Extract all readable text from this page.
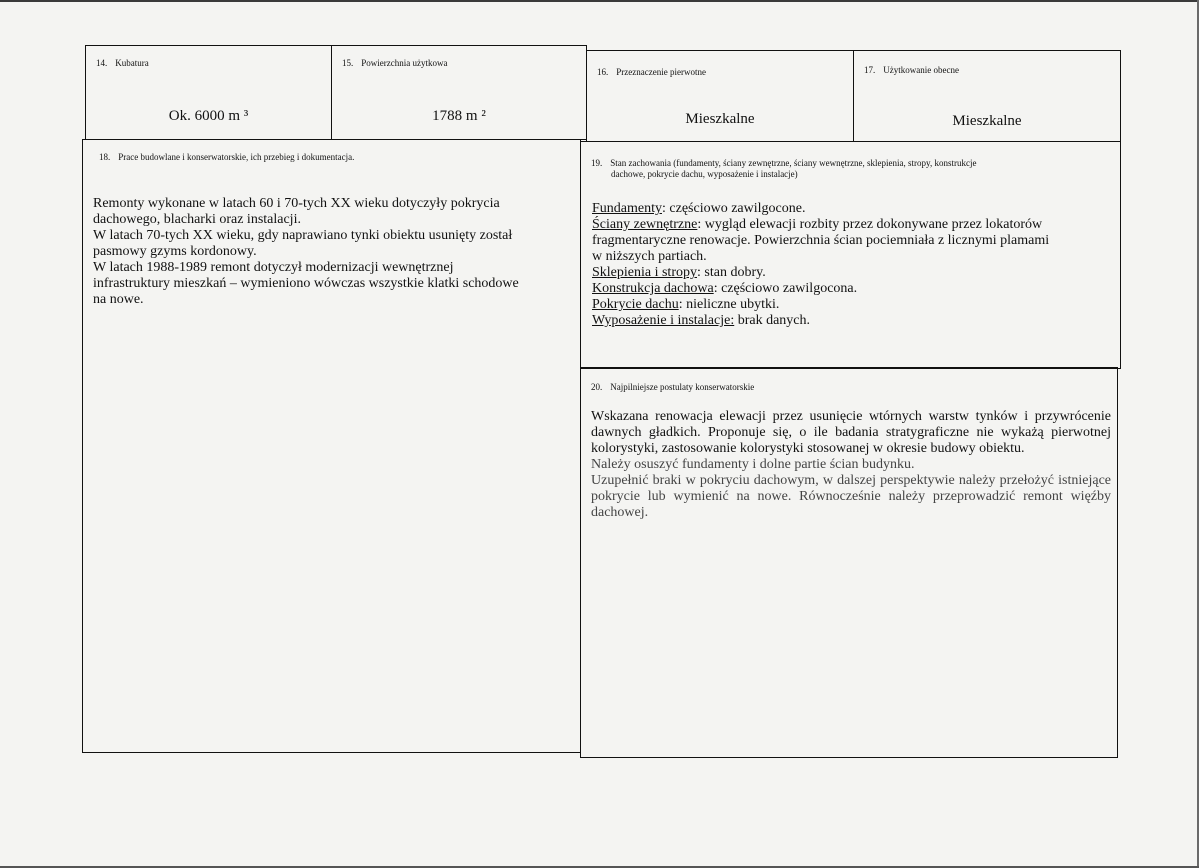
14. Kubatura
Ok. 6000 m ³
15. Powierzchnia użytkowa
1788 m ²
16. Przeznaczenie pierwotne
Mieszkalne
17. Użytkowanie obecne
Mieszkalne
18. Prace budowlane i konserwatorskie, ich przebieg i dokumentacja.

Remonty wykonane w latach 60 i 70-tych XX wieku dotyczyły pokrycia

dachowego, blacharki oraz instalacji.

W latach 70-tych XX wieku, gdy naprawiano tynki obiektu usunięty został

pasmowy gzyms kordonowy.

W latach 1988-1989 remont dotyczył modernizacji wewnętrznej

infrastruktury mieszkań – wymieniono wówczas wszystkie klatki schodowe

na nowe.

19. Stan zachowania (fundamenty, ściany zewnętrzne, ściany wewnętrzne, sklepienia, stropy, konstrukcje
dachowe, pokrycie dachu, wyposażenie i instalacje)

Fundamenty: częściowo zawilgocone.

Ściany zewnętrzne: wygląd elewacji rozbity przez dokonywane przez lokatorów

fragmentaryczne renowacje. Powierzchnia ścian pociemniała z licznymi plamami

w niższych partiach.

Sklepienia i stropy: stan dobry.

Konstrukcja dachowa: częściowo zawilgocona.

Pokrycie dachu: nieliczne ubytki.

Wyposażenie i instalacje: brak danych.

20. Najpilniejsze postulaty konserwatorskie

Wskazana renowacja elewacji przez usunięcie wtórnych warstw tynków i przywrócenie dawnych gładkich. Proponuje się, o ile badania stratygraficzne nie wykażą pierwotnej kolorystyki, zastosowanie kolorystyki stosowanej w okresie budowy obiektu.

Należy osuszyć fundamenty i dolne partie ścian budynku.

Uzupełnić braki w pokryciu dachowym, w dalszej perspektywie należy przełożyć istniejące pokrycie lub wymienić na nowe. Równocześnie należy przeprowadzić remont więźby dachowej.
